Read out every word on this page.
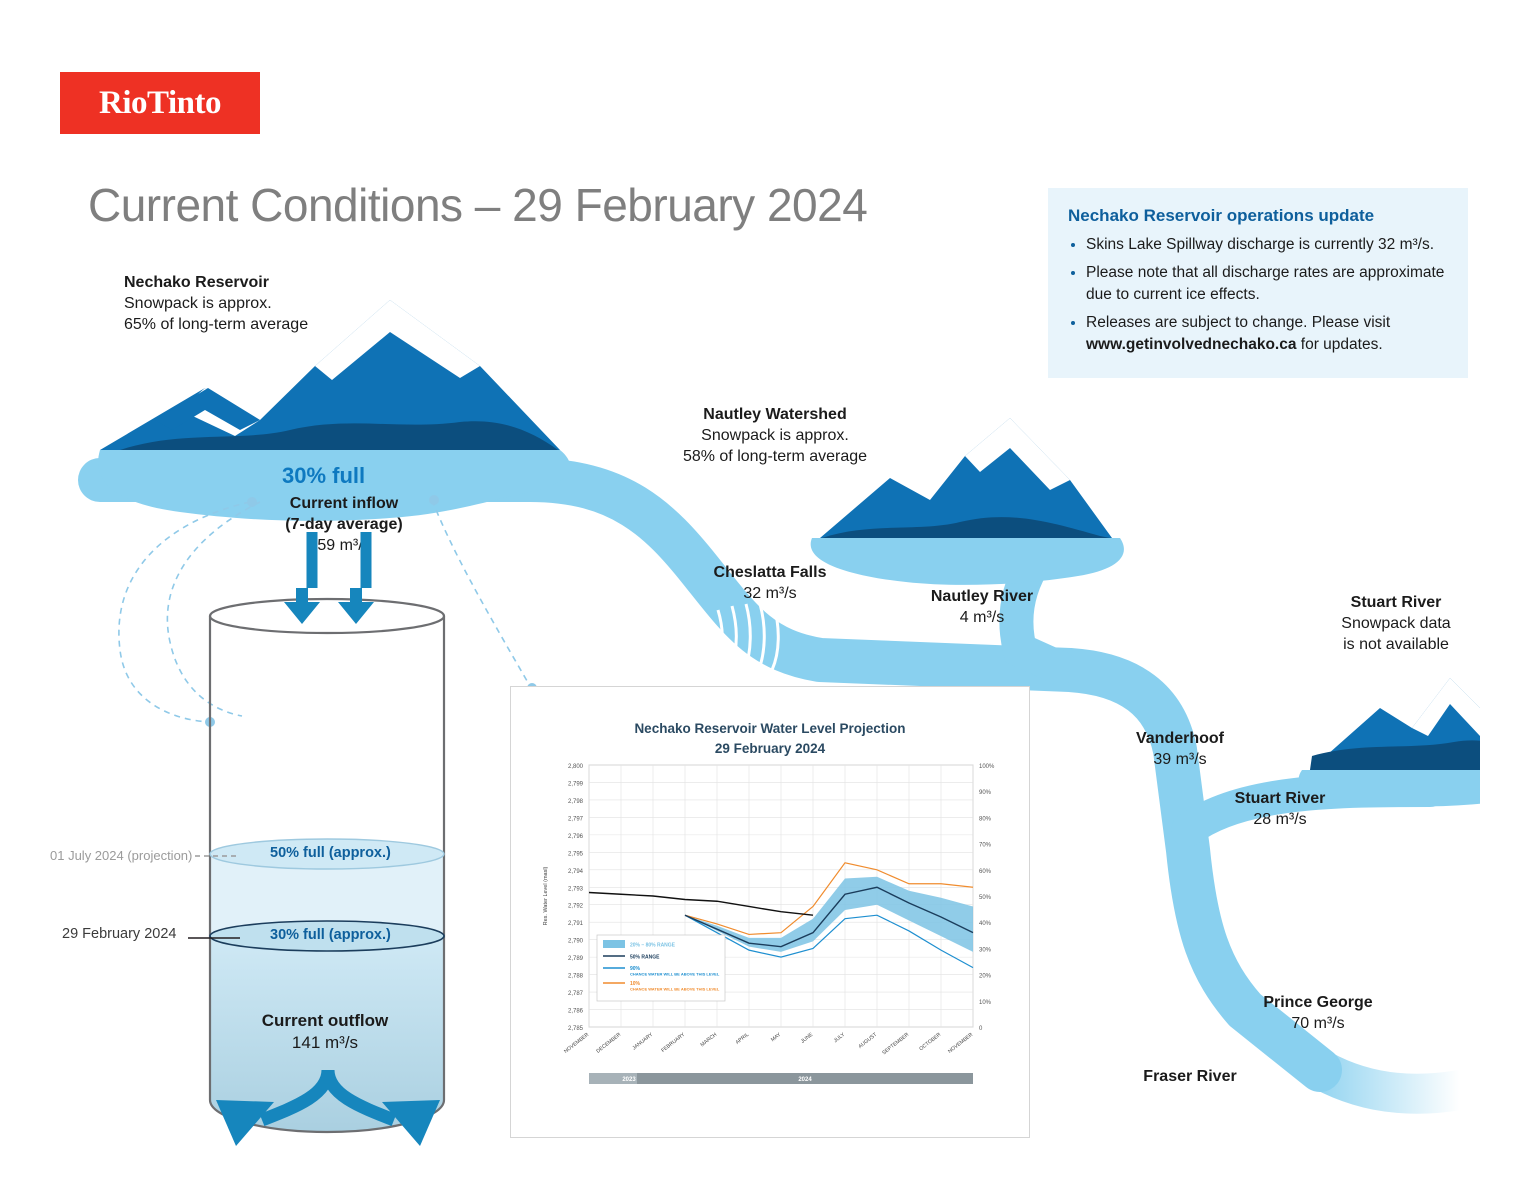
RioTinto
Current Conditions – 29 February 2024	Nechako Reservoir operations update
• Skins Lake Spillway discharge is currently 32 m³/s.
• Please note that all discharge rates are approximate due to current ice effects.
• Releases are subject to change. Please visit www.getinvolvednechako.ca for updates.
Nechako Reservoir
Snowpack is approx.
65% of long-term average
30% full
Current inflow
(7-day average)
59 m³/s
Nautley Watershed
Snowpack is approx.
58% of long-term average
Cheslatta Falls
32 m³/s	Nautley River
4 m³/s
Stuart River
Snowpack data
is not available
Vanderhoof
39 m³/s
Stuart River
28 m³/s
Prince George
70 m³/s
Fraser River
50% full (approx.)
30% full (approx.)
01 July 2024 (projection)
29 February 2024
Current outflow
141 m³/s
Nechako Reservoir Water Level Projection
29 February 2024
2,785
2,786
2,787
2,788
2,789
2,790
2,791
2,792
2,793
2,794
2,795
2,796
2,797
2,798
2,799
2,800
NOVEMBER DECEMBER JANUARY FEBRUARY	MARCH	APRIL	MAY	JUNE	JULY AUGUST SEPTEMBER OCTOBER NOVEMBER
0
10%
20%
30%
40%
50%
60%
70%
80%
90%
100%
Res. Water Level (masl)
20% – 80% RANGE
50% RANGE
90%
CHANCE WATER WILL BE ABOVE THIS LEVEL
10%
CHANCE WATER WILL BE ABOVE THIS LEVEL
2023	2024
